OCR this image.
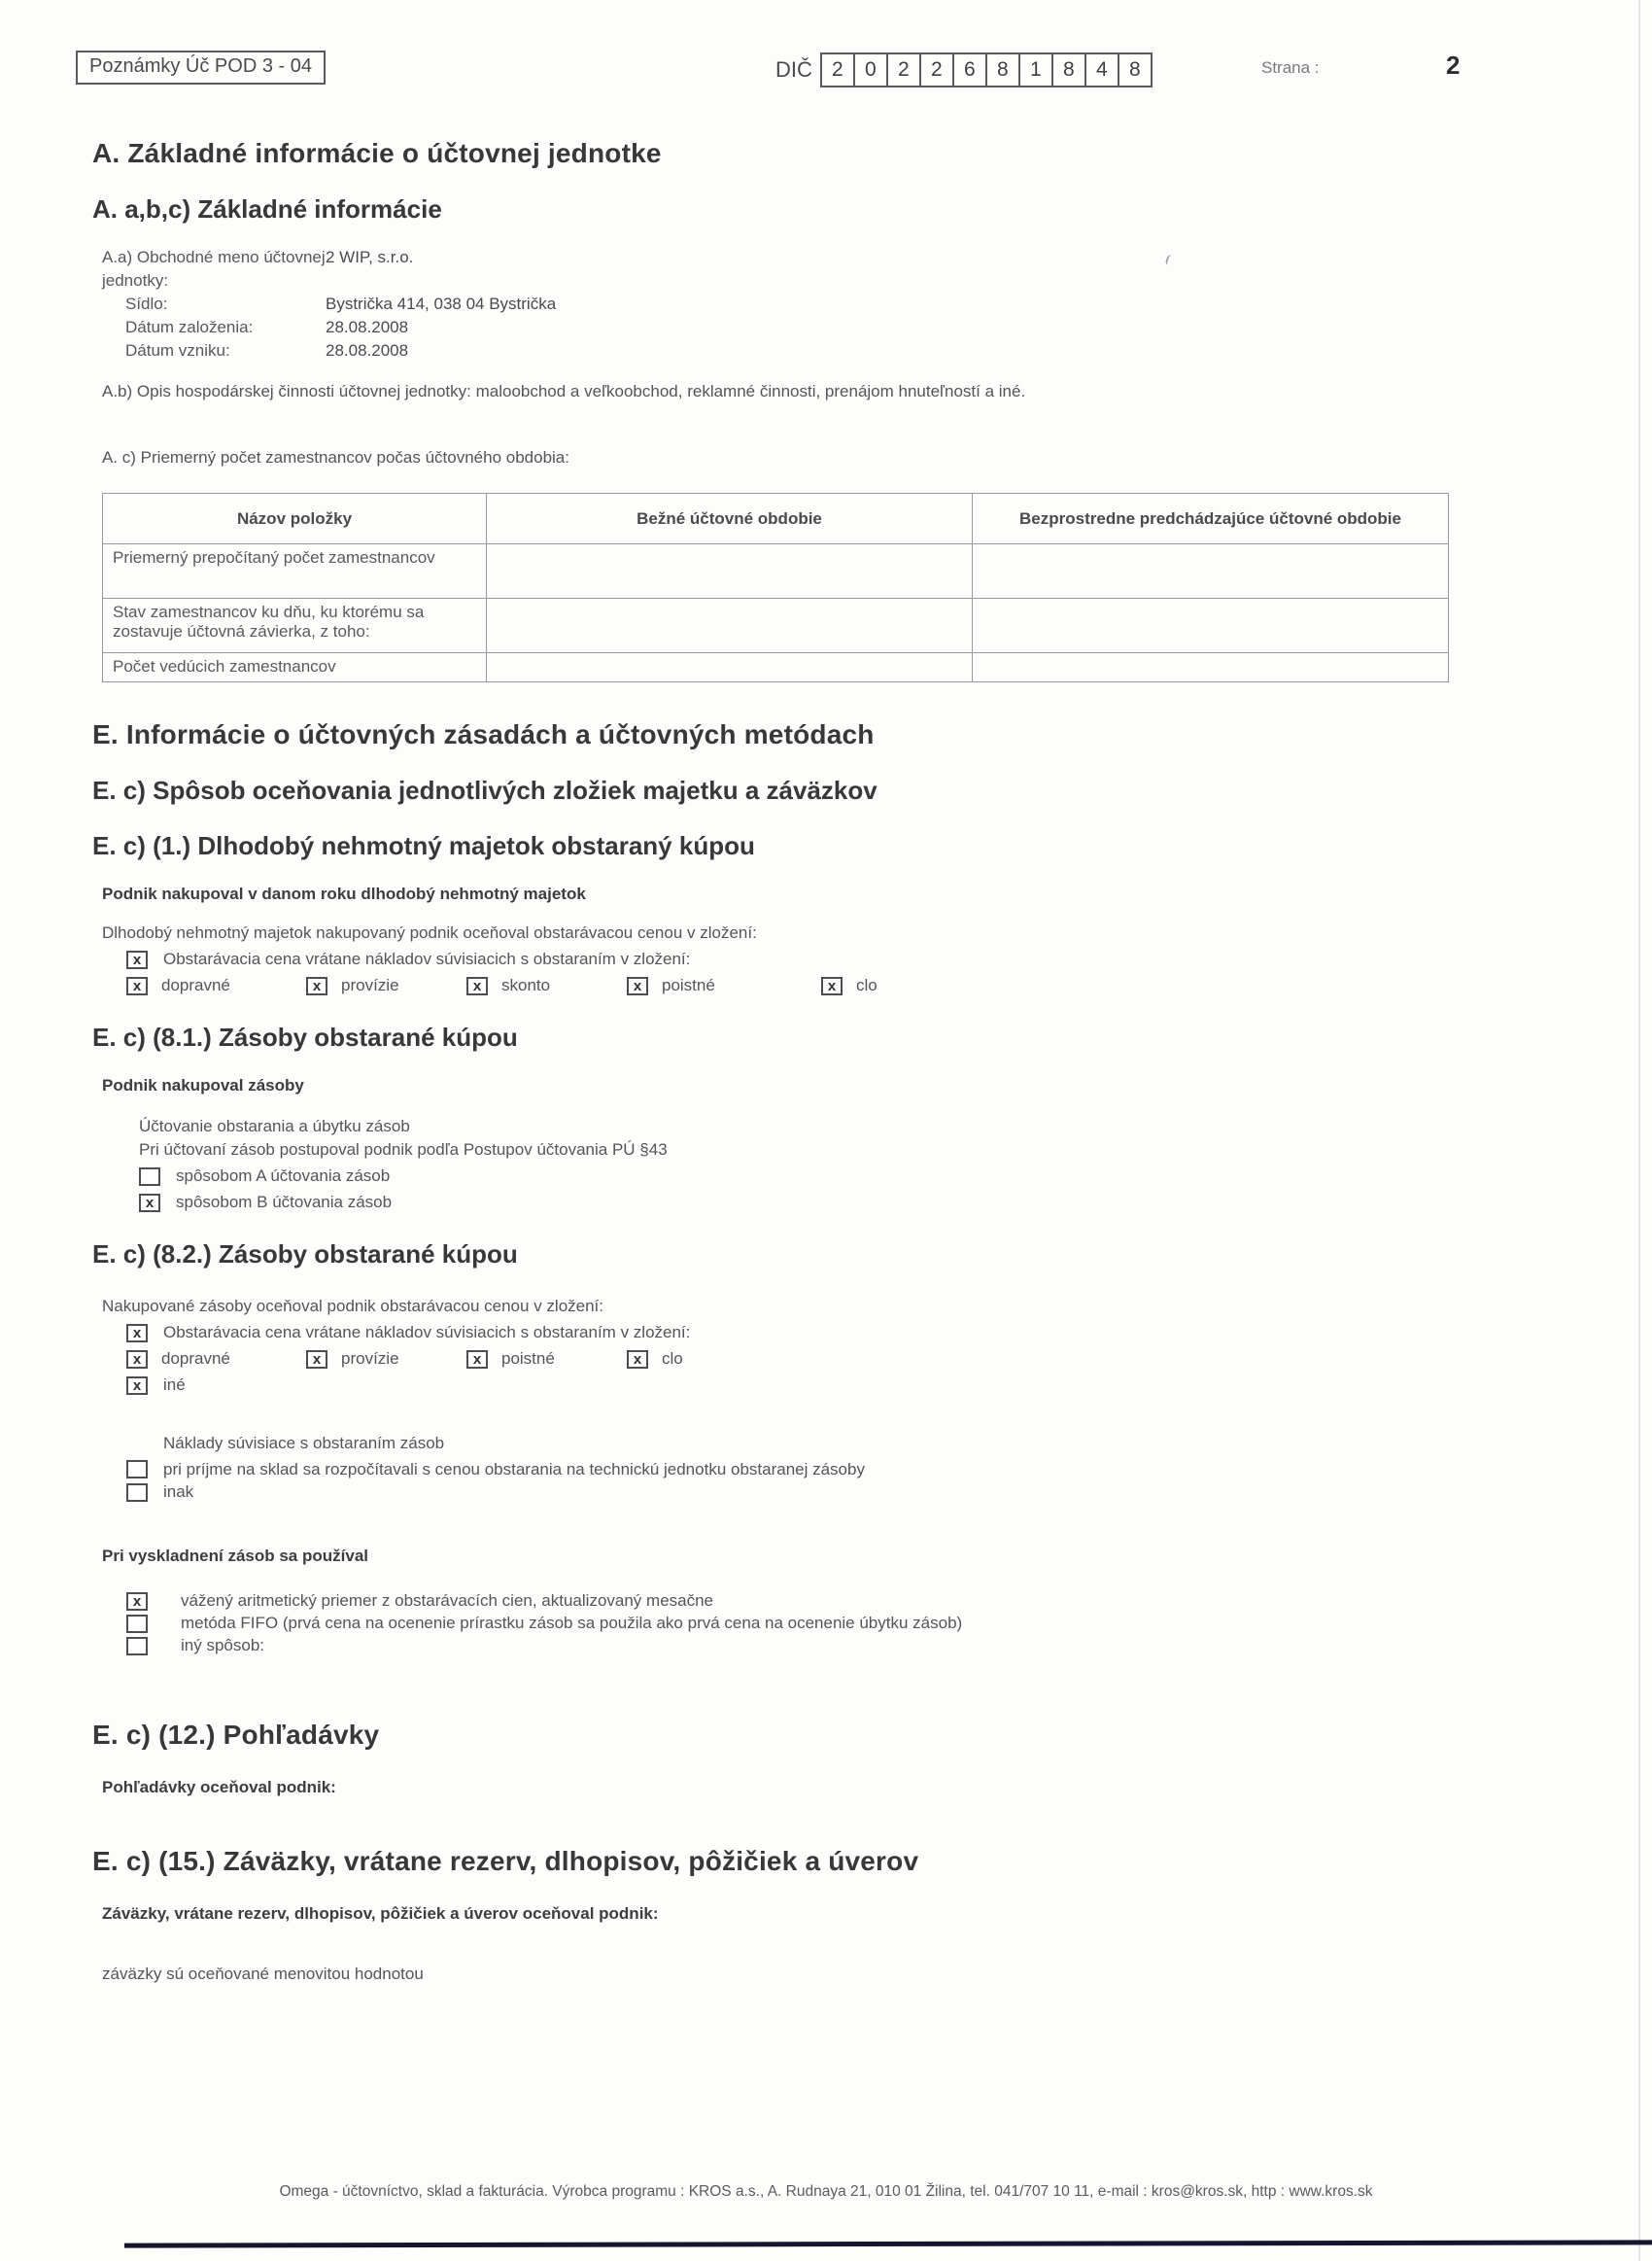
Poznámky Úč POD 3 - 04	DIČ 2	0	2	2	6	8	1	8	4	8	Strana :	2
A. Základné informácie o účtovnej jednotke
A. a,b,c) Základné informácie
A.a) Obchodné meno účtovnej jednotky:
2 WIP, s.r.o.
Sídlo:	Bystrička 414, 038 04 Bystrička
Dátum založenia:	28.08.2008
Dátum vzniku:	28.08.2008
A.b) Opis hospodárskej činnosti účtovnej jednotky: maloobchod a veľkoobchod, reklamné činnosti, prenájom hnuteľností a iné.
A. c) Priemerný počet zamestnancov počas účtovného obdobia:
Názov položky	Bežné účtovné obdobie	Bezprostredne predchádzajúce účtovné obdobie
Priemerný prepočítaný počet zamestnancov		
Stav zamestnancov ku dňu, ku ktorému sa zostavuje účtovná závierka, z toho:		
Počet vedúcich zamestnancov		
E. Informácie o účtovných zásadách a účtovných metódach
E. c) Spôsob oceňovania jednotlivých zložiek majetku a záväzkov
E. c) (1.) Dlhodobý nehmotný majetok obstaraný kúpou
Podnik nakupoval v danom roku dlhodobý nehmotný majetok
Dlhodobý nehmotný majetok nakupovaný podnik oceňoval obstarávacou cenou v zložení:
x	Obstarávacia cena vrátane nákladov súvisiacich s obstaraním v zložení:
x	dopravné	x	provízie	x	skonto	x	poistné	x	clo
E. c) (8.1.) Zásoby obstarané kúpou
Podnik nakupoval zásoby
Účtovanie obstarania a úbytku zásob
Pri účtovaní zásob postupoval podnik podľa Postupov účtovania PÚ §43
spôsobom A účtovania zásob
x	spôsobom B účtovania zásob
E. c) (8.2.) Zásoby obstarané kúpou
Nakupované zásoby oceňoval podnik obstarávacou cenou v zložení:
x	Obstarávacia cena vrátane nákladov súvisiacich s obstaraním v zložení:
x	dopravné	x	provízie	x	poistné	x	clo
x	iné
Náklady súvisiace s obstaraním zásob
pri príjme na sklad sa rozpočítavali s cenou obstarania na technickú jednotku obstaranej zásoby
inak
Pri vyskladnení zásob sa používal
x	vážený aritmetický priemer z obstarávacích cien, aktualizovaný mesačne
metóda FIFO (prvá cena na ocenenie prírastku zásob sa použila ako prvá cena na ocenenie úbytku zásob)
iný spôsob:
E. c) (12.) Pohľadávky
Pohľadávky oceňoval podnik:
E. c) (15.) Záväzky, vrátane rezerv, dlhopisov, pôžičiek a úverov
Záväzky, vrátane rezerv, dlhopisov, pôžičiek a úverov oceňoval podnik:
záväzky sú oceňované menovitou hodnotou
Omega - účtovníctvo, sklad a fakturácia. Výrobca programu : KROS a.s., A. Rudnaya 21, 010 01 Žilina, tel. 041/707 10 11, e-mail : kros@kros.sk, http : www.kros.sk
